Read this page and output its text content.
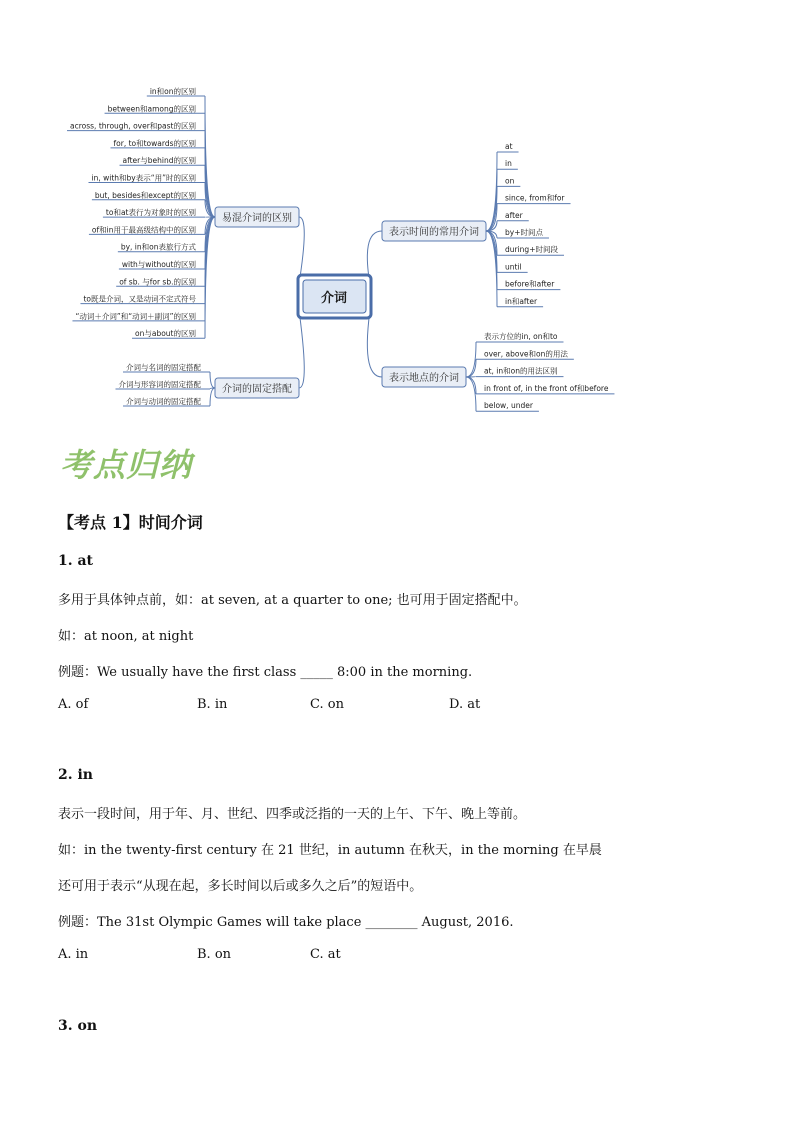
in和on的区别
between和among的区别
across, through, over和past的区别
for, to和towards的区别
after与behind的区别
in, with和by表示“用”时的区别
but, besides和except的区别
to和at表行为对象时的区别
of和in用于最高级结构中的区别
by, in和on表旅行方式
with与without的区别
of sb. 与for sb.的区别
to既是介词，又是动词不定式符号
“动词＋介词”和“动词＋副词”的区别
on与about的区别
介词与名词的固定搭配
介词与形容词的固定搭配
介词与动词的固定搭配
at
in
on
since, from和for
after
by+时间点
during+时间段
until
before和after
in和after
表示方位的in, on和to
over, above和on的用法
at, in和on的用法区别
in front of, in the front of和before
below, under
易混介词的区别
介词的固定搭配
表示时间的常用介词
表示地点的介词
介词
考点归纳
【考点 1】时间介词
1. at
多用于具体钟点前，如：at seven, at a quarter to one; 也可用于固定搭配中。
如：at noon, at night
例题：We usually have the first class _____ 8:00 in the morning.
A. of	B. in	C. on	D. at
2. in
表示一段时间，用于年、月、世纪、四季或泛指的一天的上午、下午、晚上等前。
如：in the twenty-first century 在 21 世纪，in autumn 在秋天，in the morning 在早晨
还可用于表示“从现在起，多长时间以后或多久之后”的短语中。
例题：The 31st Olympic Games will take place ________ August, 2016.
A. in	B. on	C. at
3. on
